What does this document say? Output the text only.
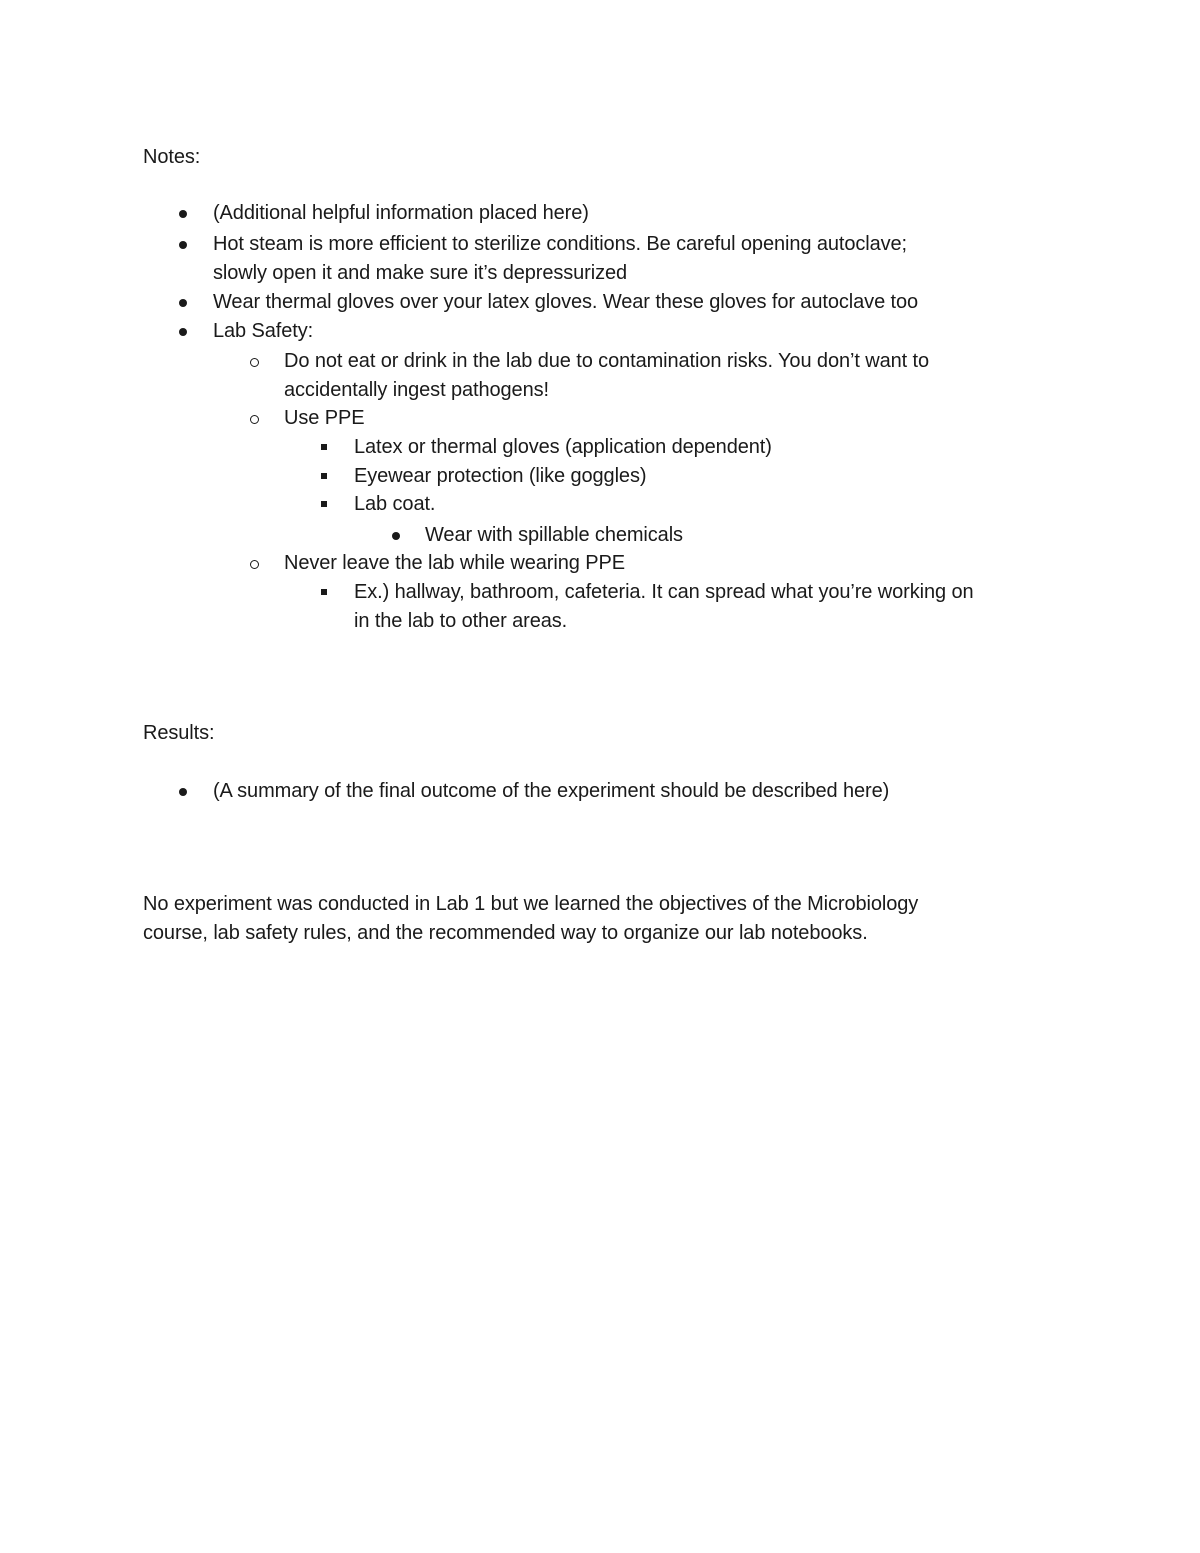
Notes:
(Additional helpful information placed here)
Hot steam is more efficient to sterilize conditions. Be careful opening autoclave;
slowly open it and make sure it’s depressurized
Wear thermal gloves over your latex gloves. Wear these gloves for autoclave too
Lab Safety:
Do not eat or drink in the lab due to contamination risks. You don’t want to
accidentally ingest pathogens!
Use PPE
Latex or thermal gloves (application dependent)
Eyewear protection (like goggles)
Lab coat.
Wear with spillable chemicals
Never leave the lab while wearing PPE
Ex.) hallway, bathroom, cafeteria. It can spread what you’re working on
in the lab to other areas.
Results:
(A summary of the final outcome of the experiment should be described here)
No experiment was conducted in Lab 1 but we learned the objectives of the Microbiology
course, lab safety rules, and the recommended way to organize our lab notebooks.
